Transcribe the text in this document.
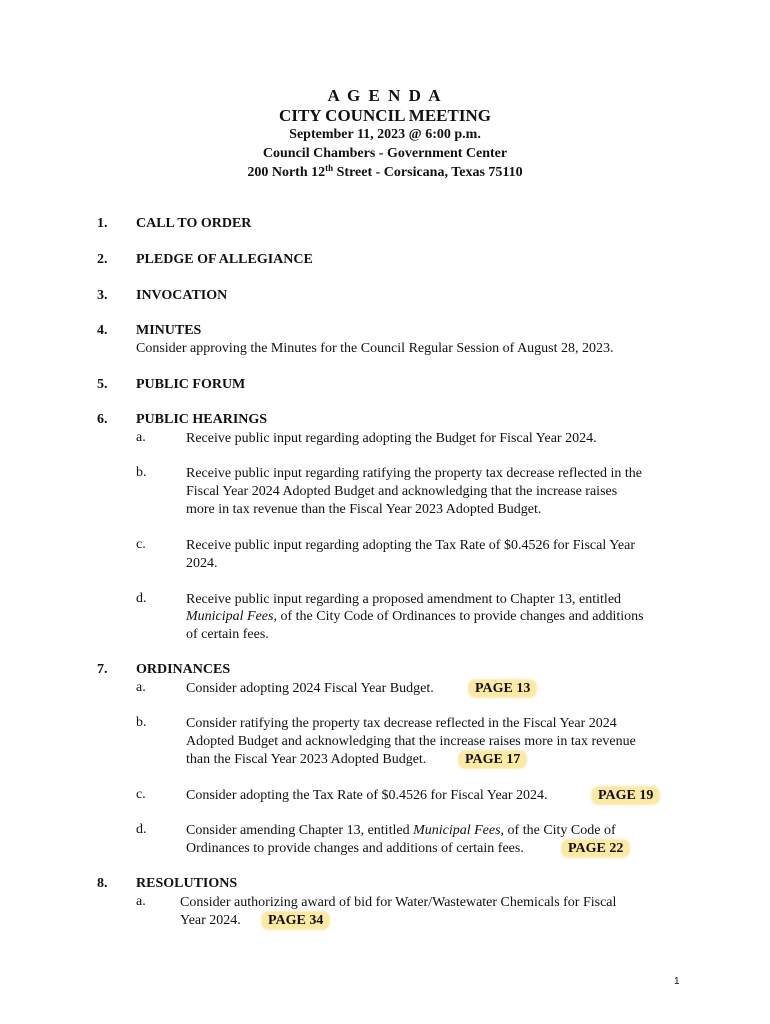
A G E N D A
CITY COUNCIL MEETING
September 11, 2023 @ 6:00 p.m.
Council Chambers - Government Center
200 North 12th Street - Corsicana, Texas 75110
1. CALL TO ORDER
2. PLEDGE OF ALLEGIANCE
3. INVOCATION
4. MINUTES
Consider approving the Minutes for the Council Regular Session of August 28, 2023.
5. PUBLIC FORUM
6. PUBLIC HEARINGS
a.	Receive public input regarding adopting the Budget for Fiscal Year 2024.
b.	Receive public input regarding ratifying the property tax decrease reflected in the
Fiscal Year 2024 Adopted Budget and acknowledging that the increase raises
more in tax revenue than the Fiscal Year 2023 Adopted Budget.
c.	Receive public input regarding adopting the Tax Rate of $0.4526 for Fiscal Year
2024.
d.	Receive public input regarding a proposed amendment to Chapter 13, entitled
Municipal Fees, of the City Code of Ordinances to provide changes and additions
of certain fees.
7. ORDINANCES
a.	Consider adopting 2024 Fiscal Year Budget.	PAGE 13
b.	Consider ratifying the property tax decrease reflected in the Fiscal Year 2024
Adopted Budget and acknowledging that the increase raises more in tax revenue
than the Fiscal Year 2023 Adopted Budget.	PAGE 17
c.	Consider adopting the Tax Rate of $0.4526 for Fiscal Year 2024.	PAGE 19
d.	Consider amending Chapter 13, entitled Municipal Fees, of the City Code of
Ordinances to provide changes and additions of certain fees.	PAGE 22
8. RESOLUTIONS
a. Consider authorizing award of bid for Water/Wastewater Chemicals for Fiscal
Year 2024.	PAGE 34
1
